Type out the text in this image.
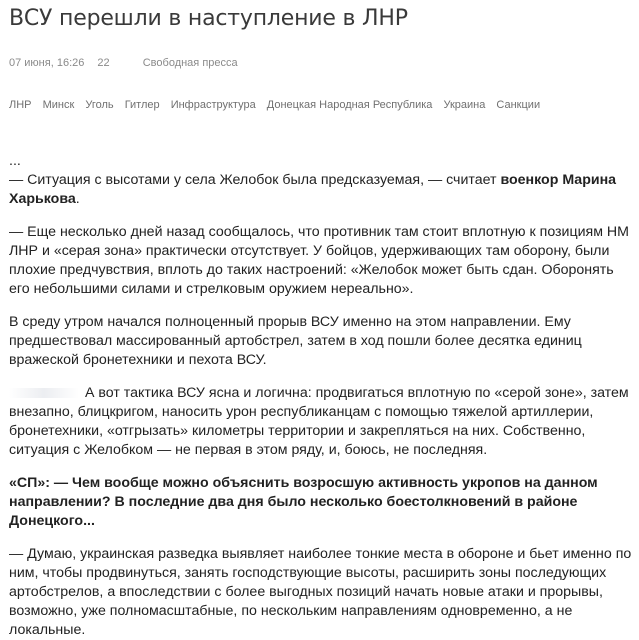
ВСУ перешли в наступление в ЛНР
07 июня, 16:26 22	Свободная пресса
ЛНР Минск Уголь Гитлер Инфраструктура Донецкая Народная Республика Украина Санкции

...

— Ситуация с высотами у села Желобок была предсказуемая, — считает военкор Марина Харькова.

— Еще несколько дней назад сообщалось, что противник там стоит вплотную к позициям НМ ЛНР и «серая зона» практически отсутствует. У бойцов, удерживающих там оборону, были плохие предчувствия, вплоть до таких настроений: «Желобок может быть сдан. Оборонять его небольшими силами и стрелковым оружием нереально».

В среду утром начался полноценный прорыв ВСУ именно на этом направлении. Ему предшествовал массированный артобстрел, затем в ход пошли более десятка единиц вражеской бронетехники и пехота ВСУ.

А вот тактика ВСУ ясна и логична: продвигаться вплотную по «серой зоне», затем внезапно, блицкригом, наносить урон республиканцам с помощью тяжелой артиллерии, бронетехники, «отгрызать» километры территории и закрепляться на них. Собственно, ситуация с Желобком — не первая в этом ряду, и, боюсь, не последняя.

«СП»: — Чем вообще можно объяснить возросшую активность укропов на данном направлении? В последние два дня было несколько боестолкновений в районе Донецкого...

— Думаю, украинская разведка выявляет наиболее тонкие места в обороне и бьет именно по ним, чтобы продвинуться, занять господствующие высоты, расширить зоны последующих артобстрелов, а впоследствии с более выгодных позиций начать новые атаки и прорывы, возможно, уже полномасштабные, по нескольким направлениям одновременно, а не локальные.
